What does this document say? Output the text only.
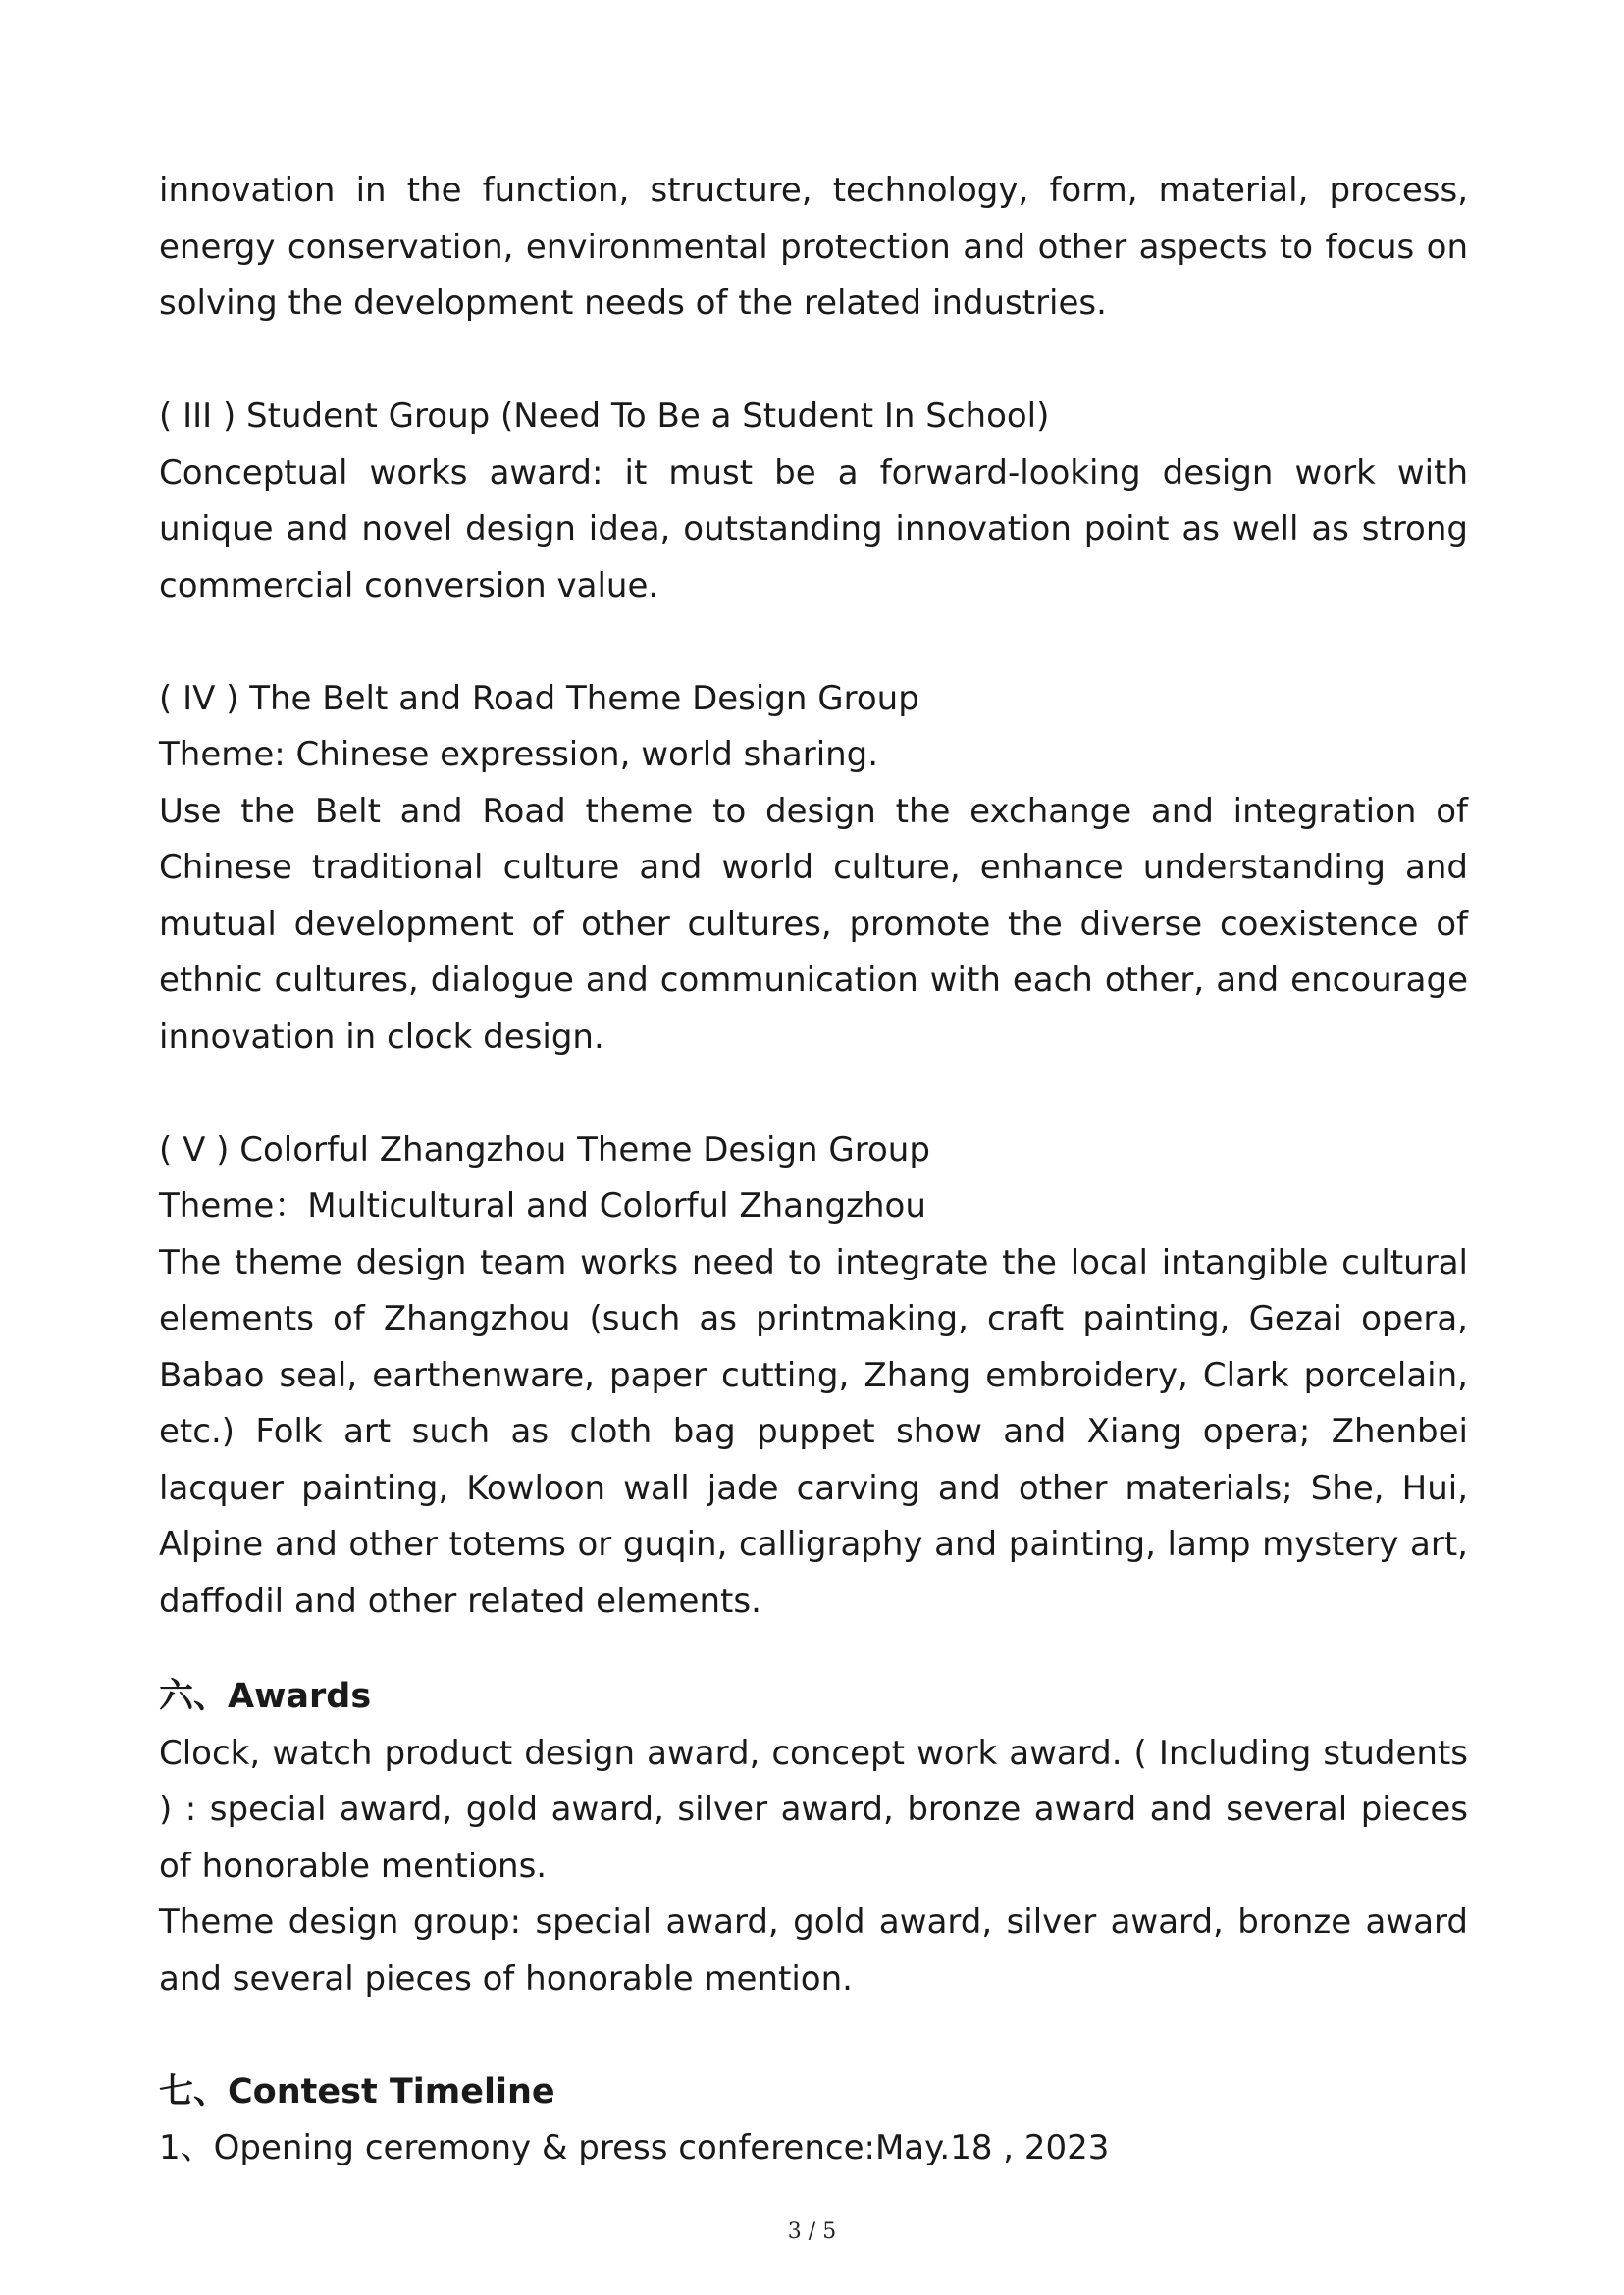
innovation in the function, structure, technology, form, material, process, energy conservation, environmental protection and other aspects to focus on solving the development needs of the related industries.

( III ) Student Group (Need To Be a Student In School)

Conceptual works award: it must be a forward-looking design work with unique and novel design idea, outstanding innovation point as well as strong commercial conversion value.

( IV ) The Belt and Road Theme Design Group

Theme: Chinese expression, world sharing.

Use the Belt and Road theme to design the exchange and integration of Chinese traditional culture and world culture, enhance understanding and mutual development of other cultures, promote the diverse coexistence of ethnic cultures, dialogue and communication with each other, and encourage innovation in clock design.

( V ) Colorful Zhangzhou Theme Design Group

Theme：Multicultural and Colorful Zhangzhou

The theme design team works need to integrate the local intangible cultural elements of Zhangzhou (such as printmaking, craft painting, Gezai opera, Babao seal, earthenware, paper cutting, Zhang embroidery, Clark porcelain, etc.) Folk art such as cloth bag puppet show and Xiang opera; Zhenbei lacquer painting, Kowloon wall jade carving and other materials; She, Hui, Alpine and other totems or guqin, calligraphy and painting, lamp mystery art, daffodil and other related elements.

六、Awards

Clock, watch product design award, concept work award. ( Including students ) : special award, gold award, silver award, bronze award and several pieces of honorable mentions.

Theme design group: special award, gold award, silver award, bronze award and several pieces of honorable mention.

七、Contest Timeline

1、Opening ceremony & press conference:May.18 , 2023

3 / 5
